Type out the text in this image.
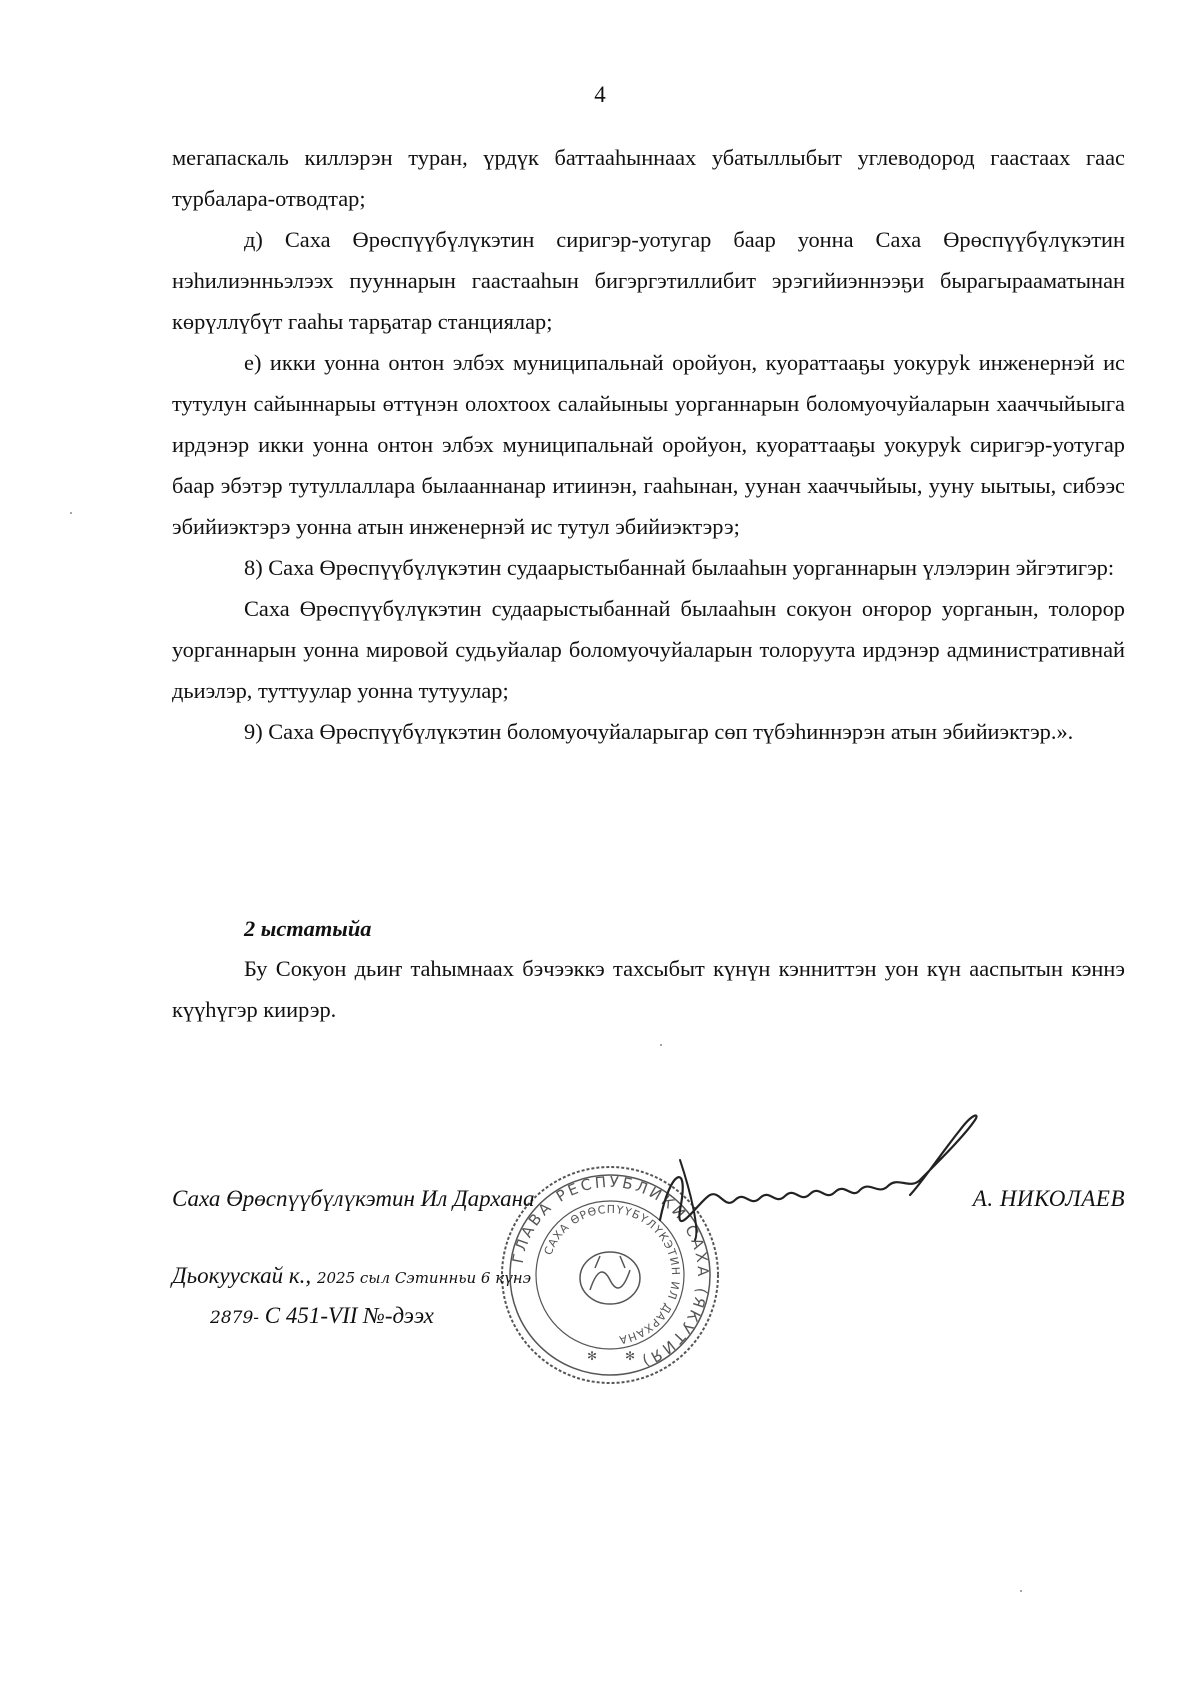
4

мегапаскаль киллэрэн туран, үрдүк баттааһыннаах убатыллыбыт углеводород гаастаах гаас турбалара-отводтар;

д) Саха Өрөспүүбүлүкэтин сиригэр-уотугар баар уонна Саха Өрөспүүбүлүкэтин нэһилиэнньэлээх пууннарын гаастааһын бигэргэтиллибит эрэгийиэннээҕи бырагырааматынан көрүллүбүт гааһы тарҕатар станциялар;

е) икки уонна онтон элбэх муниципальнай оройуон, куораттааҕы уокуруk инженернэй ис тутулун сайыннарыы өттүнэн олохтоох салайыныы уорганнарын боломуочуйаларын хааччыйыыга ирдэнэр икки уонна онтон элбэх муниципальнай оройуон, куораттааҕы уокуруk сиригэр-уотугар баар эбэтэр тутуллаллара былааннанар итиинэн, гааһынан, уунан хааччыйыы, ууну ыытыы, сибээс эбийиэктэрэ уонна атын инженернэй ис тутул эбийиэктэрэ;

8) Саха Өрөспүүбүлүкэтин судаарыстыбаннай былааһын уорганнарын үлэлэрин эйгэтигэр:

Саха Өрөспүүбүлүкэтин судаарыстыбаннай былааһын сокуон оҥорор уорганын, толорор уорганнарын уонна мировой судьуйалар боломуочуйаларын толоруута ирдэнэр административнай дьиэлэр, туттуулар уонна тутуулар;

9) Саха Өрөспүүбүлүкэтин боломуочуйаларыгар сөп түбэһиннэрэн атын эбийиэктэр.».

2 ыстатыйа

Бу Сокуон дьиҥ таһымнаах бэчээккэ тахсыбыт күнүн кэнниттэн уон күн ааспытын кэннэ күүһүгэр киирэр.

ГЛАВА РЕСПУБЛИКИ САХА (ЯКУТИЯ)
САХА ӨРӨСПҮҮБҮЛҮКЭТИН ИЛ ДАРХАНА
✻ ✻
Саха Өрөспүүбүлүкэтин Ил Дарханa	А. НИКОЛАЕВ
Дьокуускай к., 2025 сыл Сэтинньи 6 күнэ
2879- С 451-VII №-дээх
